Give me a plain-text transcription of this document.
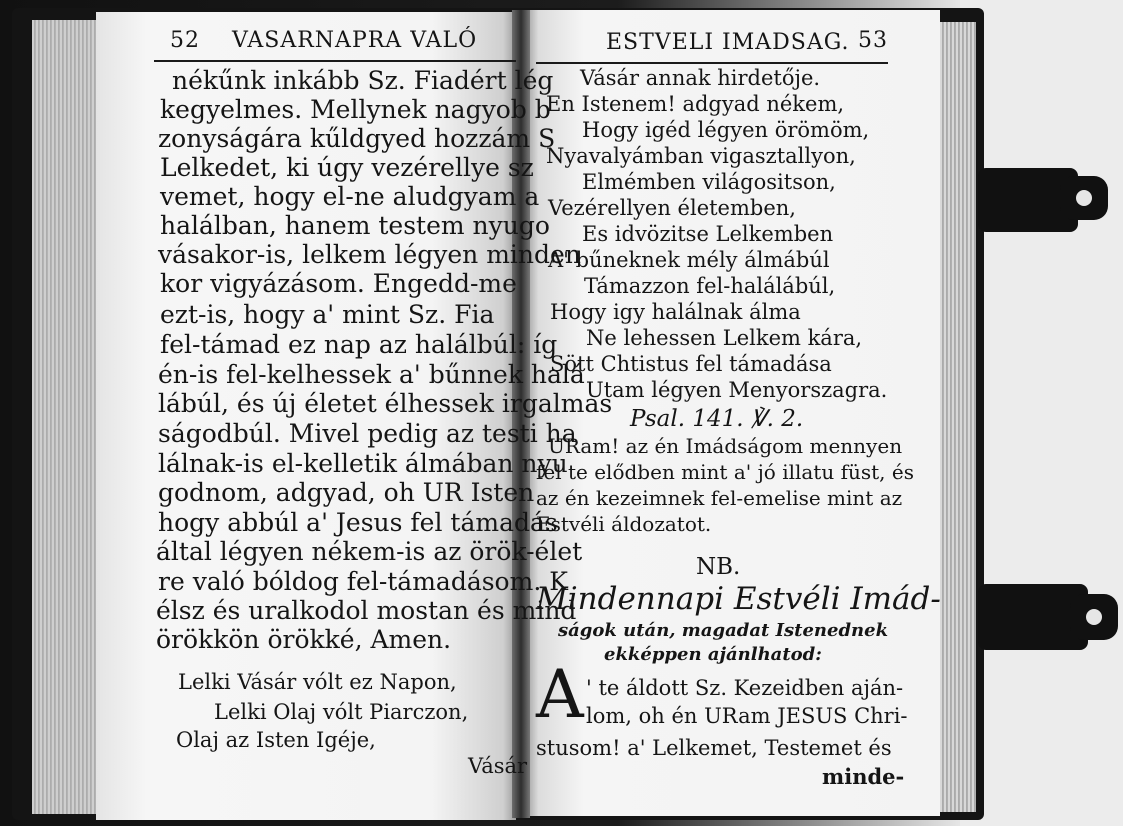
52 VASARNAPRA VALÓ
nékűnk inkább Sz. Fiadért lég
kegyelmes. Mellynek nagyob b
zonyságára kűldgyed hozzám S
Lelkedet, ki úgy vezérellye sz
vemet, hogy el-ne aludgyam a
halálban, hanem testem nyugo
vásakor-is, lelkem légyen minden
kor vigyázásom. Engedd-me
ezt-is, hogy a' mint Sz. Fia
fel-támad ez nap az halálbúl: íg
én-is fel-kelhessek a' bűnnek halá
lábúl, és új életet élhessek irgalmas
ságodbúl. Mivel pedig az testi ha
lálnak-is el-kelletik álmában nyu
godnom, adgyad, oh UR Isten
hogy abbúl a' Jesus fel támadás
által légyen nékem-is az örök-élet
re való bóldog fel-támadásom. K
élsz és uralkodol mostan és mind
örökkön örökké, Amen.
Lelki Vásár vólt ez Napon,
Lelki Olaj vólt Piarczon,
Olaj az Isten Igéje,
Vásár
ESTVELI IMADSAG. 53
Vásár annak hirdetője.
En Istenem! adgyad nékem,
Hogy igéd légyen örömöm,
Nyavalyámban vigasztallyon,
Elmémben világositson,
Vezérellyen életemben,
Es idvözitse Lelkemben
A' bűneknek mély álmábúl
Támazzon fel-halálábúl,
Hogy igy halálnak álma
Ne lehessen Lelkem kára,
Sött Chtistus fel támadása
Utam légyen Menyorszagra.
Psal. 141. ℣. 2.
URam! az én Imádságom mennyen
fel te elődben mint a' jó illatu füst, és
az én kezeimnek fel-emelise mint az
Estvéli áldozatot.
NB.
Mindennapi Estvéli Imád-
ságok után, magadat Istenednek
ekképpen ajánlhatod:
A ' te áldott Sz. Kezeidben aján-
lom, oh én URam JESUS Chri-
stusom! a' Lelkemet, Testemet és
minde-
